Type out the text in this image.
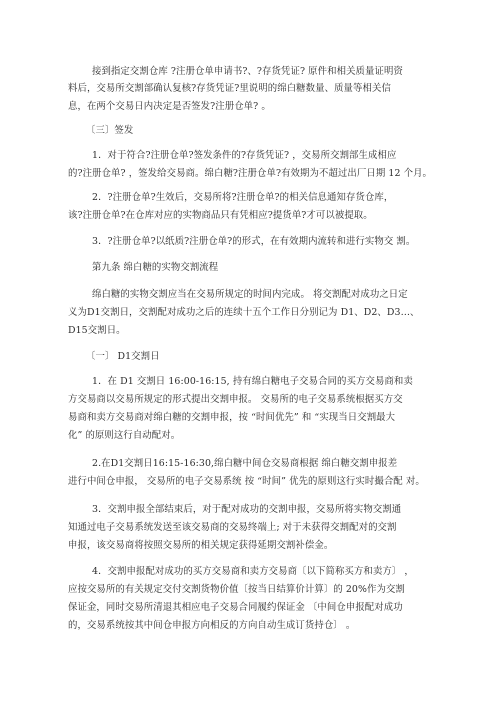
接到指定交割仓库 ?注册仓单申请书?、?存货凭证? 原件和相关质量证明资
料后，交易所交割部确认复核?存货凭证?里说明的绵白糖数量、质量等相关信
息，在两个交易日内决定是否签发?注册仓单? 。
〔三〕签发
1．对于符合?注册仓单?签发条件的?存货凭证? ，交易所交割部生成相应
的?注册仓单? ，签发给交易商。绵白糖?注册仓单?有效期为不超过出厂日期 12 个月。
2．?注册仓单?生效后，交易所将?注册仓单?的相关信息通知存货仓库，
该?注册仓单?在仓库对应的实物商品只有凭相应?提货单?才可以被提取。
3．?注册仓单?以纸质?注册仓单?的形式，在有效期内流转和进行实物交 割。
第九条 绵白糖的实物交割流程
绵白糖的实物交割应当在交易所规定的时间内完成。 将交割配对成功之日定
义为D1交割日，交割配对成功之后的连续十五个工作日分别记为 D1、D2、D3…、
D15交割日。
〔一〕 D1交割日
1．在 D1 交割日 16:00-16:15, 持有绵白糖电子交易合同的买方交易商和卖
方交易商以交易所规定的形式提出交割申报。 交易所的电子交易系统根据买方交
易商和卖方交易商对绵白糖的交割申报，按 “时间优先” 和 “实现当日交割最大
化” 的原则这行自动配对。
2.在D1交割日16:15-16:30,绵白糖中间仓交易商根据 绵白糖交割申报差
进行中间仓申报， 交易所的电子交易系统 按 “时间” 优先的原则这行实时撮合配 对。
3．交割申报全部结束后，对于配对成功的交割申报，交易所将实物交割通
知通过电子交易系统发送至该交易商的交易终端上; 对于未获得交割配对的交割
申报，该交易商将按照交易所的相关规定获得延期交割补偿金。
4．交割申报配对成功的买方交易商和卖方交易商〔以下简称买方和卖方〕 ，
应按交易所的有关规定交付交割货物价值〔按当日结算价计算〕的 20%作为交割
保证金，同时交易所清退其相应电子交易合同履约保证金 〔中间仓申报配对成功
的，交易系统按其中间仓申报方向相反的方向自动生成订货持仓〕 。
